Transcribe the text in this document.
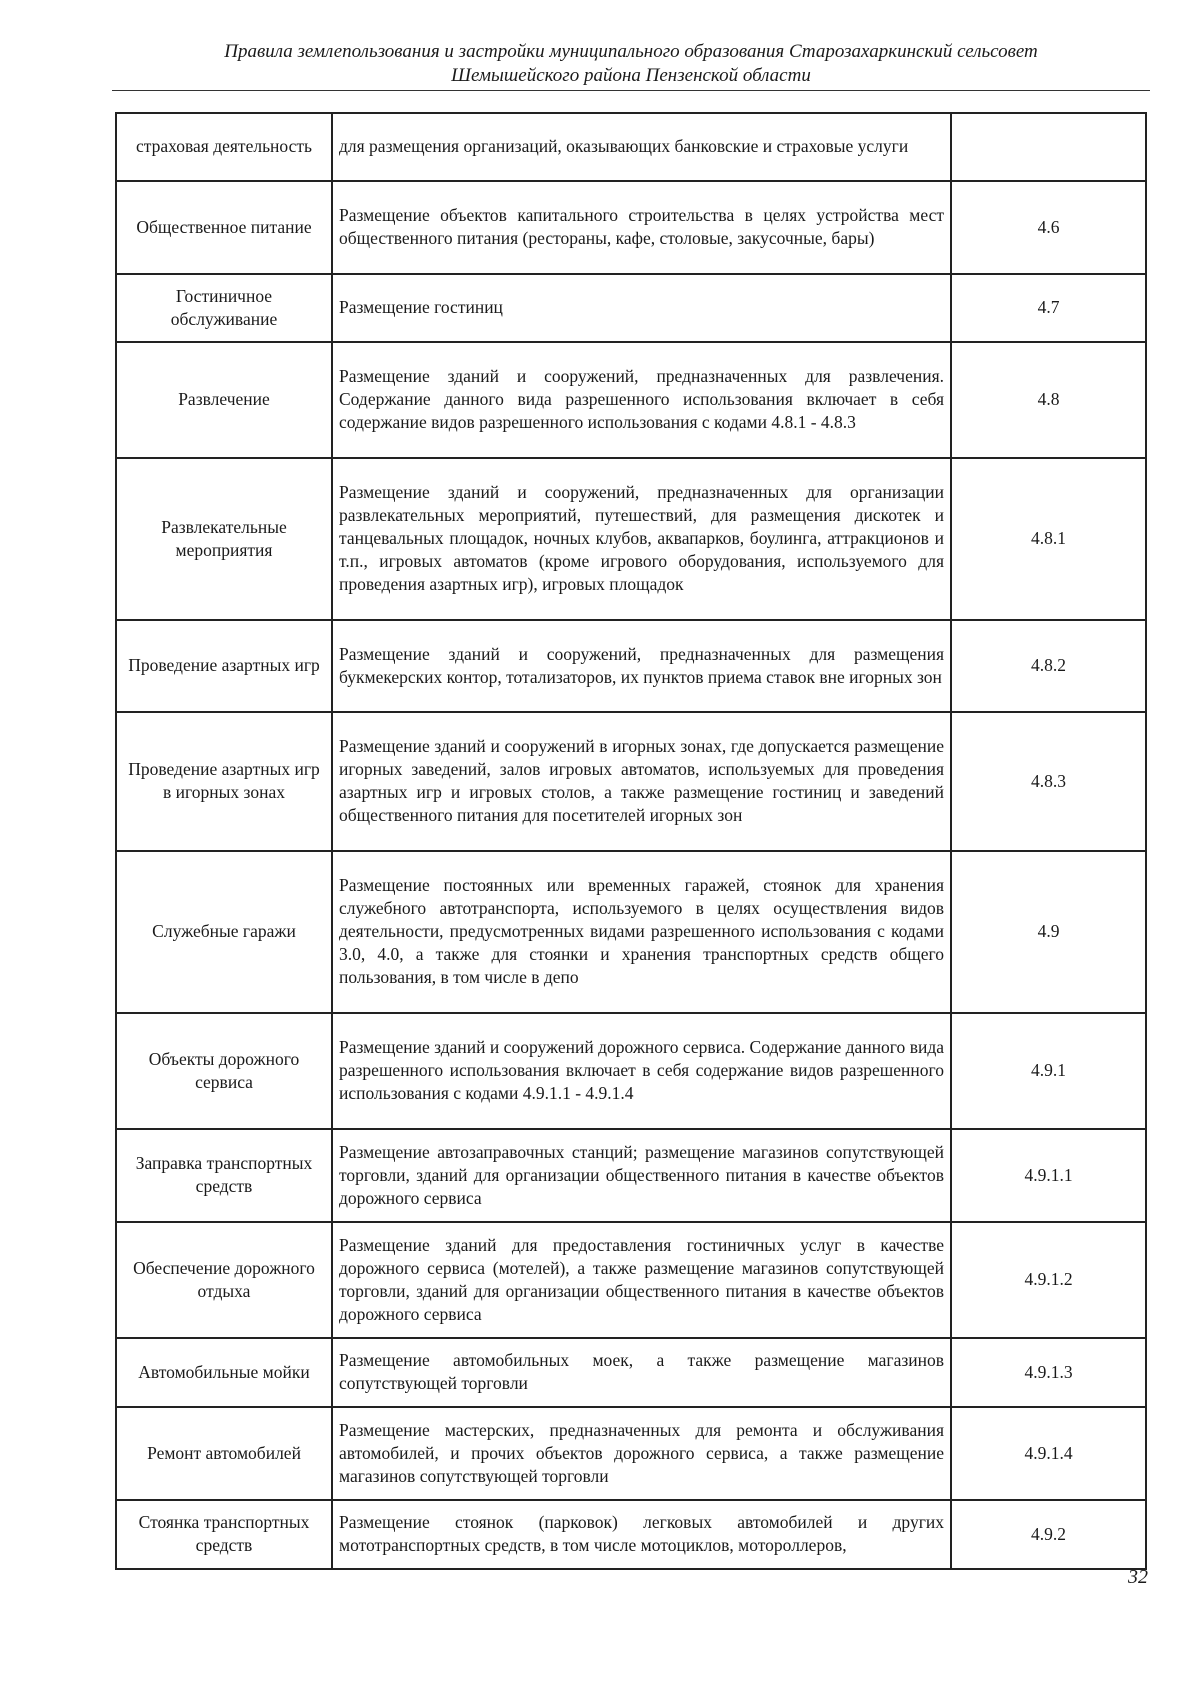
Правила землепользования и застройки муниципального образования Старозахаркинский сельсовет
Шемышейского района Пензенской области
страховая деятельность	для размещения организаций, оказывающих банковские и страховые услуги	
Общественное питание	Размещение объектов капитального строительства в целях устройства мест общественного питания (рестораны, кафе, столовые, закусочные, бары)	4.6
Гостиничное обслуживание	Размещение гостиниц	4.7
Развлечение	Размещение зданий и сооружений, предназначенных для развлечения. Содержание данного вида разрешенного использования включает в себя содержание видов разрешенного использования с кодами 4.8.1 - 4.8.3	4.8
Развлекательные мероприятия	Размещение зданий и сооружений, предназначенных для организации развлекательных мероприятий, путешествий, для размещения дискотек и танцевальных площадок, ночных клубов, аквапарков, боулинга, аттракционов и т.п., игровых автоматов (кроме игрового оборудования, используемого для проведения азартных игр), игровых площадок	4.8.1
Проведение азартных игр	Размещение зданий и сооружений, предназначенных для размещения букмекерских контор, тотализаторов, их пунктов приема ставок вне игорных зон	4.8.2
Проведение азартных игр в игорных зонах	Размещение зданий и сооружений в игорных зонах, где допускается размещение игорных заведений, залов игровых автоматов, используемых для проведения азартных игр и игровых столов, а также размещение гостиниц и заведений общественного питания для посетителей игорных зон	4.8.3
Служебные гаражи	Размещение постоянных или временных гаражей, стоянок для хранения служебного автотранспорта, используемого в целях осуществления видов деятельности, предусмотренных видами разрешенного использования с кодами 3.0, 4.0, а также для стоянки и хранения транспортных средств общего пользования, в том числе в депо	4.9
Объекты дорожного сервиса	Размещение зданий и сооружений дорожного сервиса. Содержание данного вида разрешенного использования включает в себя содержание видов разрешенного использования с кодами 4.9.1.1 - 4.9.1.4	4.9.1
Заправка транспортных средств	Размещение автозаправочных станций; размещение магазинов сопутствующей торговли, зданий для организации общественного питания в качестве объектов дорожного сервиса	4.9.1.1
Обеспечение дорожного отдыха	Размещение зданий для предоставления гостиничных услуг в качестве дорожного сервиса (мотелей), а также размещение магазинов сопутствующей торговли, зданий для организации общественного питания в качестве объектов дорожного сервиса	4.9.1.2
Автомобильные мойки	Размещение автомобильных моек, а также размещение магазинов сопутствующей торговли	4.9.1.3
Ремонт автомобилей	Размещение мастерских, предназначенных для ремонта и обслуживания автомобилей, и прочих объектов дорожного сервиса, а также размещение магазинов сопутствующей торговли	4.9.1.4
Стоянка транспортных средств	Размещение стоянок (парковок) легковых автомобилей и других мототранспортных средств, в том числе мотоциклов, мотороллеров,	4.9.2
32
